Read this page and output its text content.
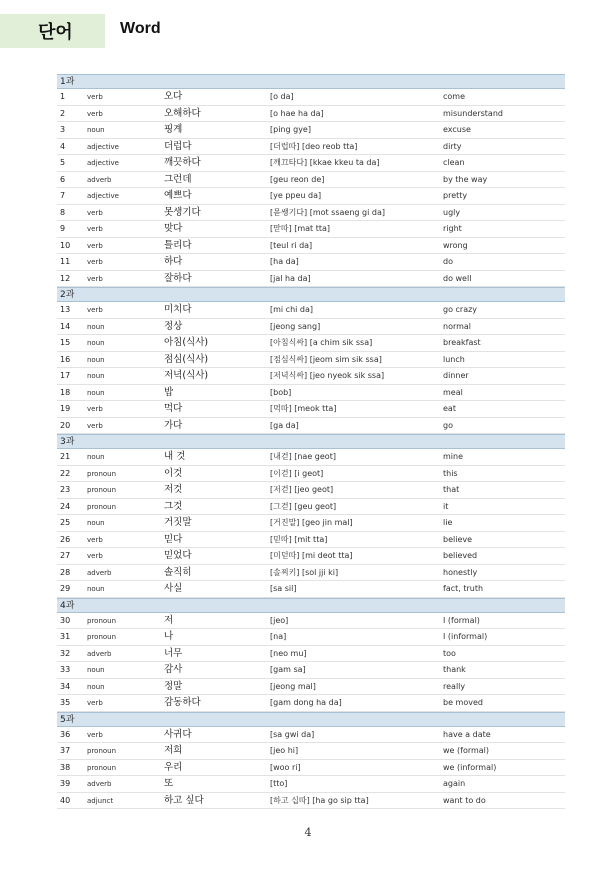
단어	Word
1과
1	verb	오다	[o da]	come
2	verb	오해하다	[o hae ha da]	misunderstand
3	noun	핑계	[ping gye]	excuse
4	adjective	더럽다	[더럽따] [deo reob tta]	dirty
5	adjective	깨끗하다	[깨끄타다] [kkae kkeu ta da]	clean
6	adverb	그런데	[geu reon de]	by the way
7	adjective	예쁘다	[ye ppeu da]	pretty
8	verb	못생기다	[몯쌩기다] [mot ssaeng gi da]	ugly
9	verb	맞다	[맏따] [mat tta]	right
10 verb	틀리다	[teul ri da]	wrong
11 verb	하다	[ha da]	do
12 verb	잘하다	[jal ha da]	do well
2과
13 verb	미치다	[mi chi da]	go crazy
14 noun	정상	[jeong sang]	normal
15 noun	아침(식사)	[아침식싸] [a chim sik ssa]	breakfast
16 noun	점심(식사)	[점심식싸] [jeom sim sik ssa]	lunch
17 noun	저녁(식사)	[저녁식싸] [jeo nyeok sik ssa]	dinner
18 noun	밥	[bob]	meal
19 verb	먹다	[먹따] [meok tta]	eat
20 verb	가다	[ga da]	go
3과
21 noun	내 것	[내걷] [nae geot]	mine
22 pronoun	이것	[이걷] [i geot]	this
23 pronoun	저것	[저걷] [jeo geot]	that
24 pronoun	그것	[그걷] [geu geot]	it
25 noun	거짓말	[거진말] [geo jin mal]	lie
26 verb	믿다	[믿따] [mit tta]	believe
27 verb	믿었다	[미덛따] [mi deot tta]	believed
28 adverb	솔직히	[솔찌키] [sol jji ki]	honestly
29 noun	사실	[sa sil]	fact, truth
4과
30 pronoun	저	[jeo]	I (formal)
31 pronoun	나	[na]	I (informal)
32 adverb	너무	[neo mu]	too
33 noun	감사	[gam sa]	thank
34 noun	정말	[jeong mal]	really
35 verb	감동하다	[gam dong ha da]	be moved
5과
36 verb	사귀다	[sa gwi da]	have a date
37 pronoun	저희	[jeo hi]	we (formal)
38 pronoun	우리	[woo ri]	we (informal)
39 adverb	또	[tto]	again
40 adjunct	하고 싶다	[하고 십따] [ha go sip tta]	want to do
4
